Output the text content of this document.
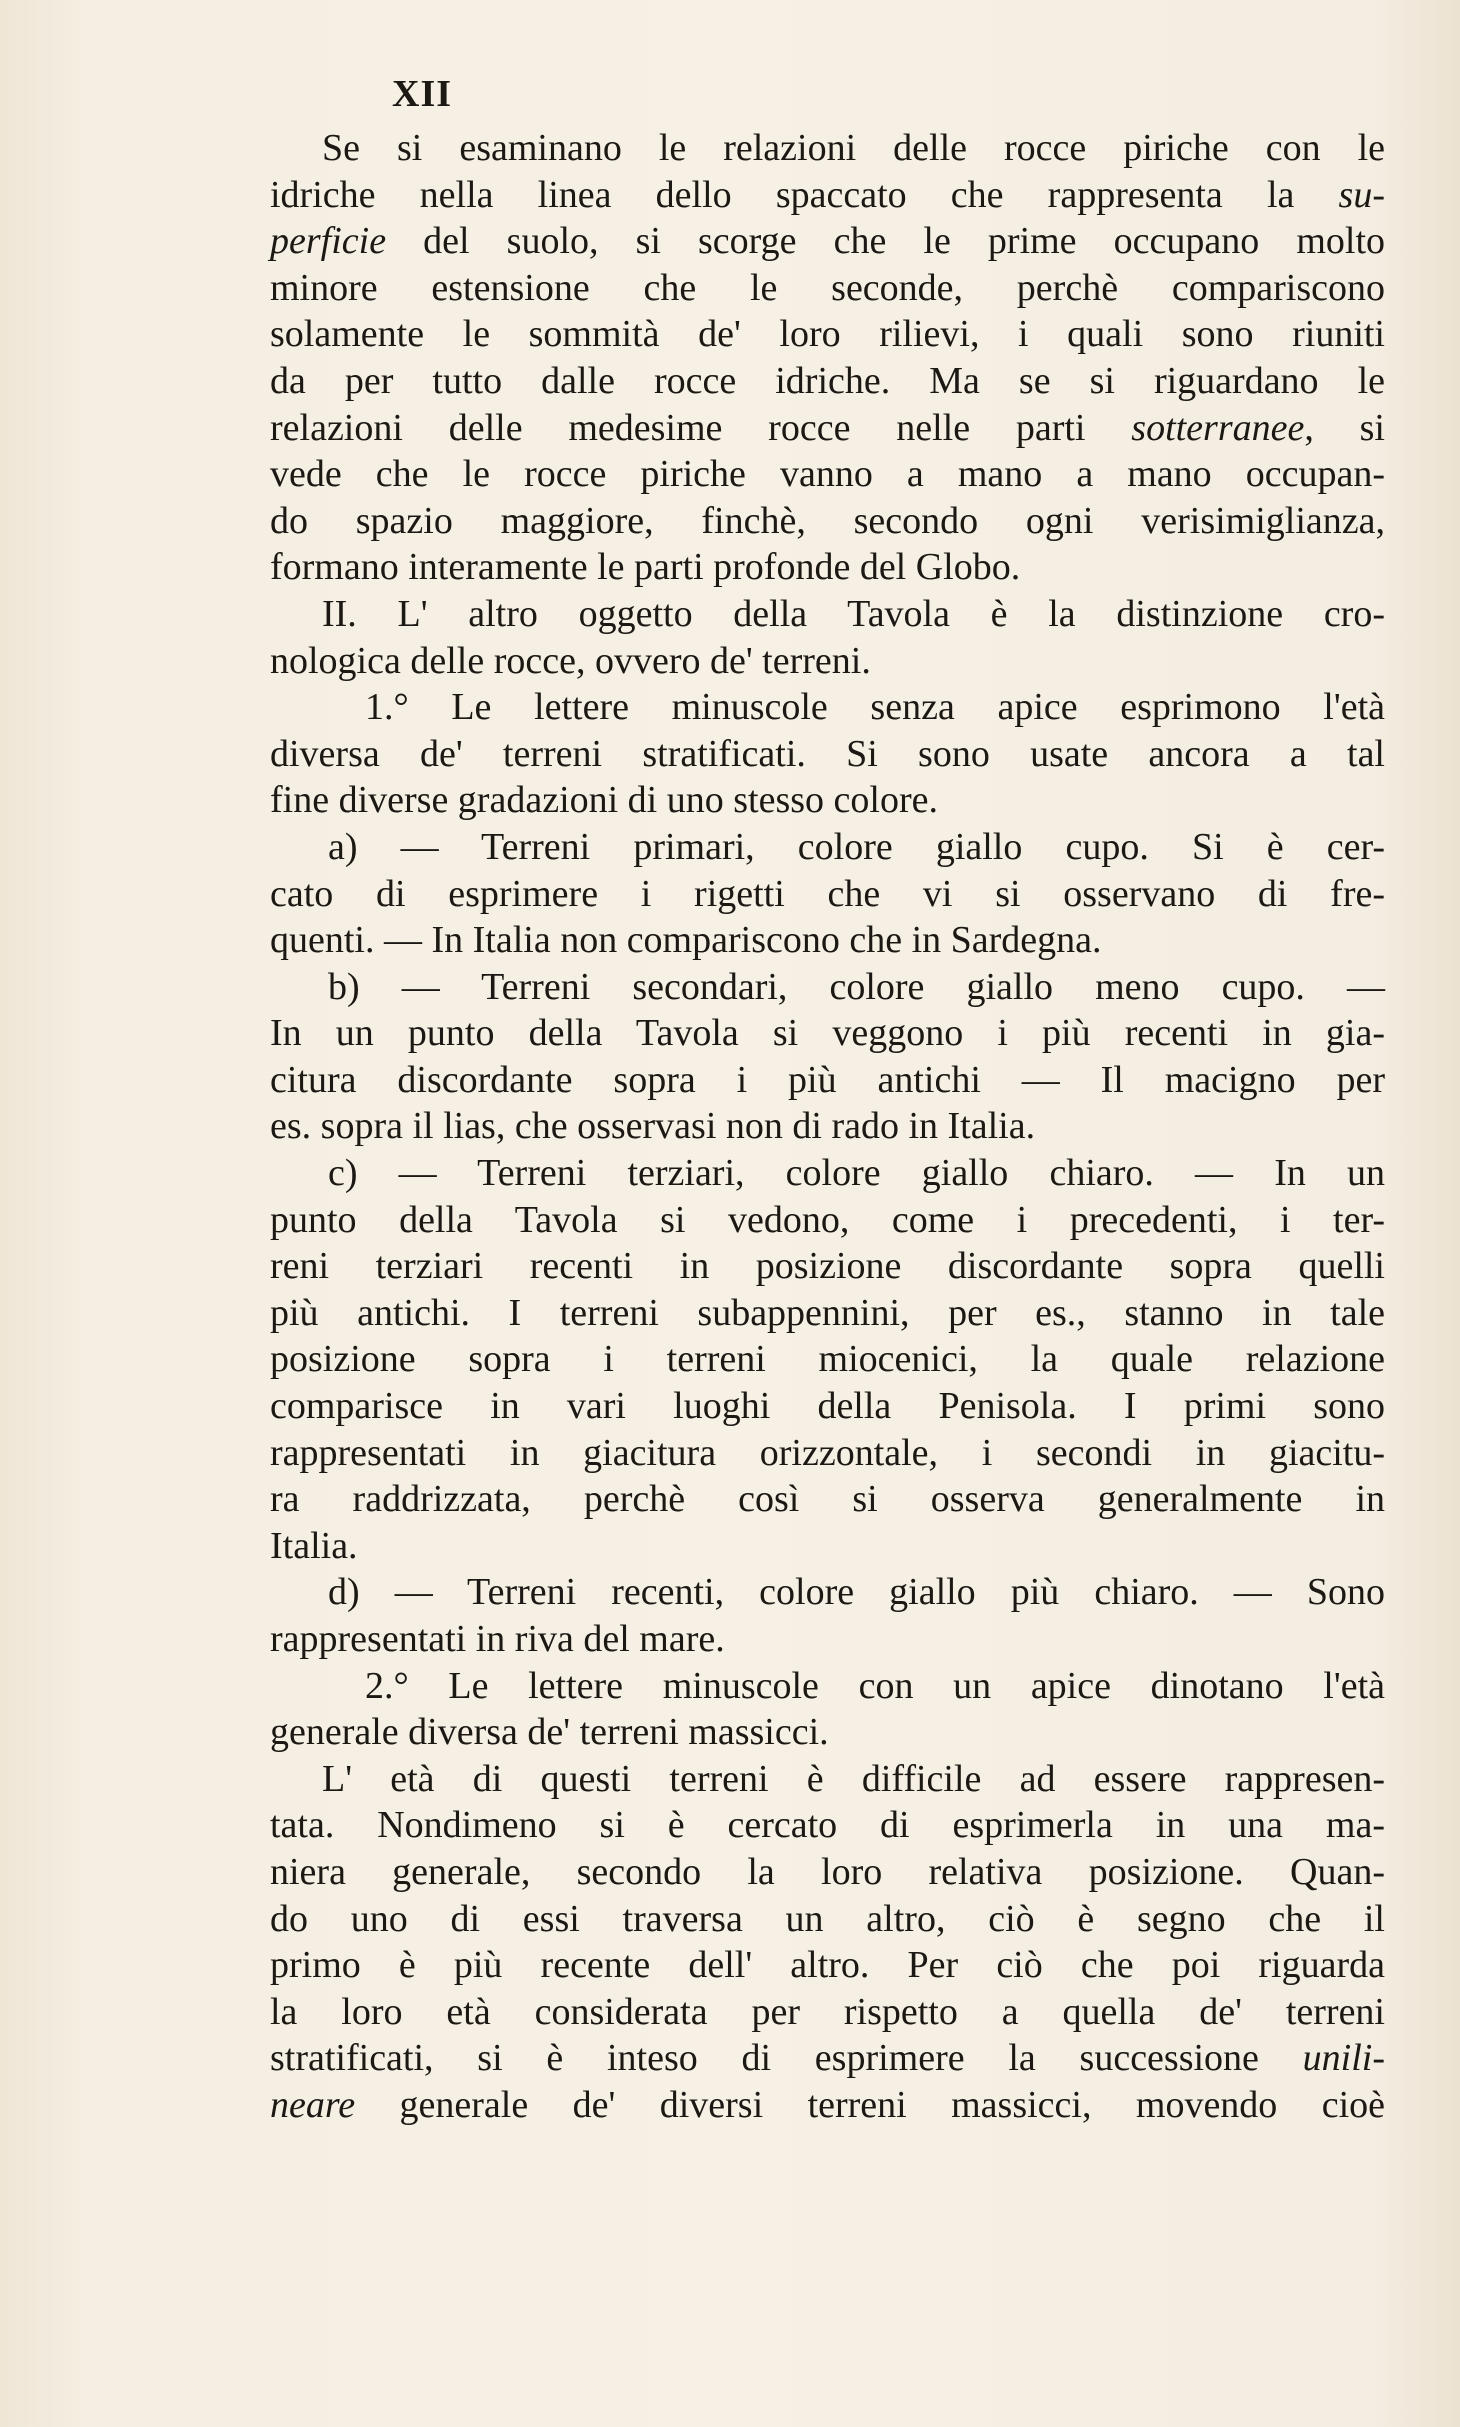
XII
Se si esaminano le relazioni delle rocce piriche con le
idriche nella linea dello spaccato che rappresenta la su-
perficie del suolo, si scorge che le prime occupano molto
minore estensione che le seconde, perchè compariscono
solamente le sommità de' loro rilievi, i quali sono riuniti
da per tutto dalle rocce idriche. Ma se si riguardano le
relazioni delle medesime rocce nelle parti sotterranee, si
vede che le rocce piriche vanno a mano a mano occupan-
do spazio maggiore, finchè, secondo ogni verisimiglianza,
formano interamente le parti profonde del Globo.
II. L' altro oggetto della Tavola è la distinzione cro-
nologica delle rocce, ovvero de' terreni.
1.° Le lettere minuscole senza apice esprimono l'età
diversa de' terreni stratificati. Si sono usate ancora a tal
fine diverse gradazioni di uno stesso colore.
a) — Terreni primari, colore giallo cupo. Si è cer-
cato di esprimere i rigetti che vi si osservano di fre-
quenti. — In Italia non compariscono che in Sardegna.
b) — Terreni secondari, colore giallo meno cupo. —
In un punto della Tavola si veggono i più recenti in gia-
citura discordante sopra i più antichi — Il macigno per
es. sopra il lias, che osservasi non di rado in Italia.
c) — Terreni terziari, colore giallo chiaro. — In un
punto della Tavola si vedono, come i precedenti, i ter-
reni terziari recenti in posizione discordante sopra quelli
più antichi. I terreni subappennini, per es., stanno in tale
posizione sopra i terreni miocenici, la quale relazione
comparisce in vari luoghi della Penisola. I primi sono
rappresentati in giacitura orizzontale, i secondi in giacitu-
ra raddrizzata, perchè così si osserva generalmente in
Italia.
d) — Terreni recenti, colore giallo più chiaro. — Sono
rappresentati in riva del mare.
2.° Le lettere minuscole con un apice dinotano l'età
generale diversa de' terreni massicci.
L' età di questi terreni è difficile ad essere rappresen-
tata. Nondimeno si è cercato di esprimerla in una ma-
niera generale, secondo la loro relativa posizione. Quan-
do uno di essi traversa un altro, ciò è segno che il
primo è più recente dell' altro. Per ciò che poi riguarda
la loro età considerata per rispetto a quella de' terreni
stratificati, si è inteso di esprimere la successione unili-
neare generale de' diversi terreni massicci, movendo cioè
